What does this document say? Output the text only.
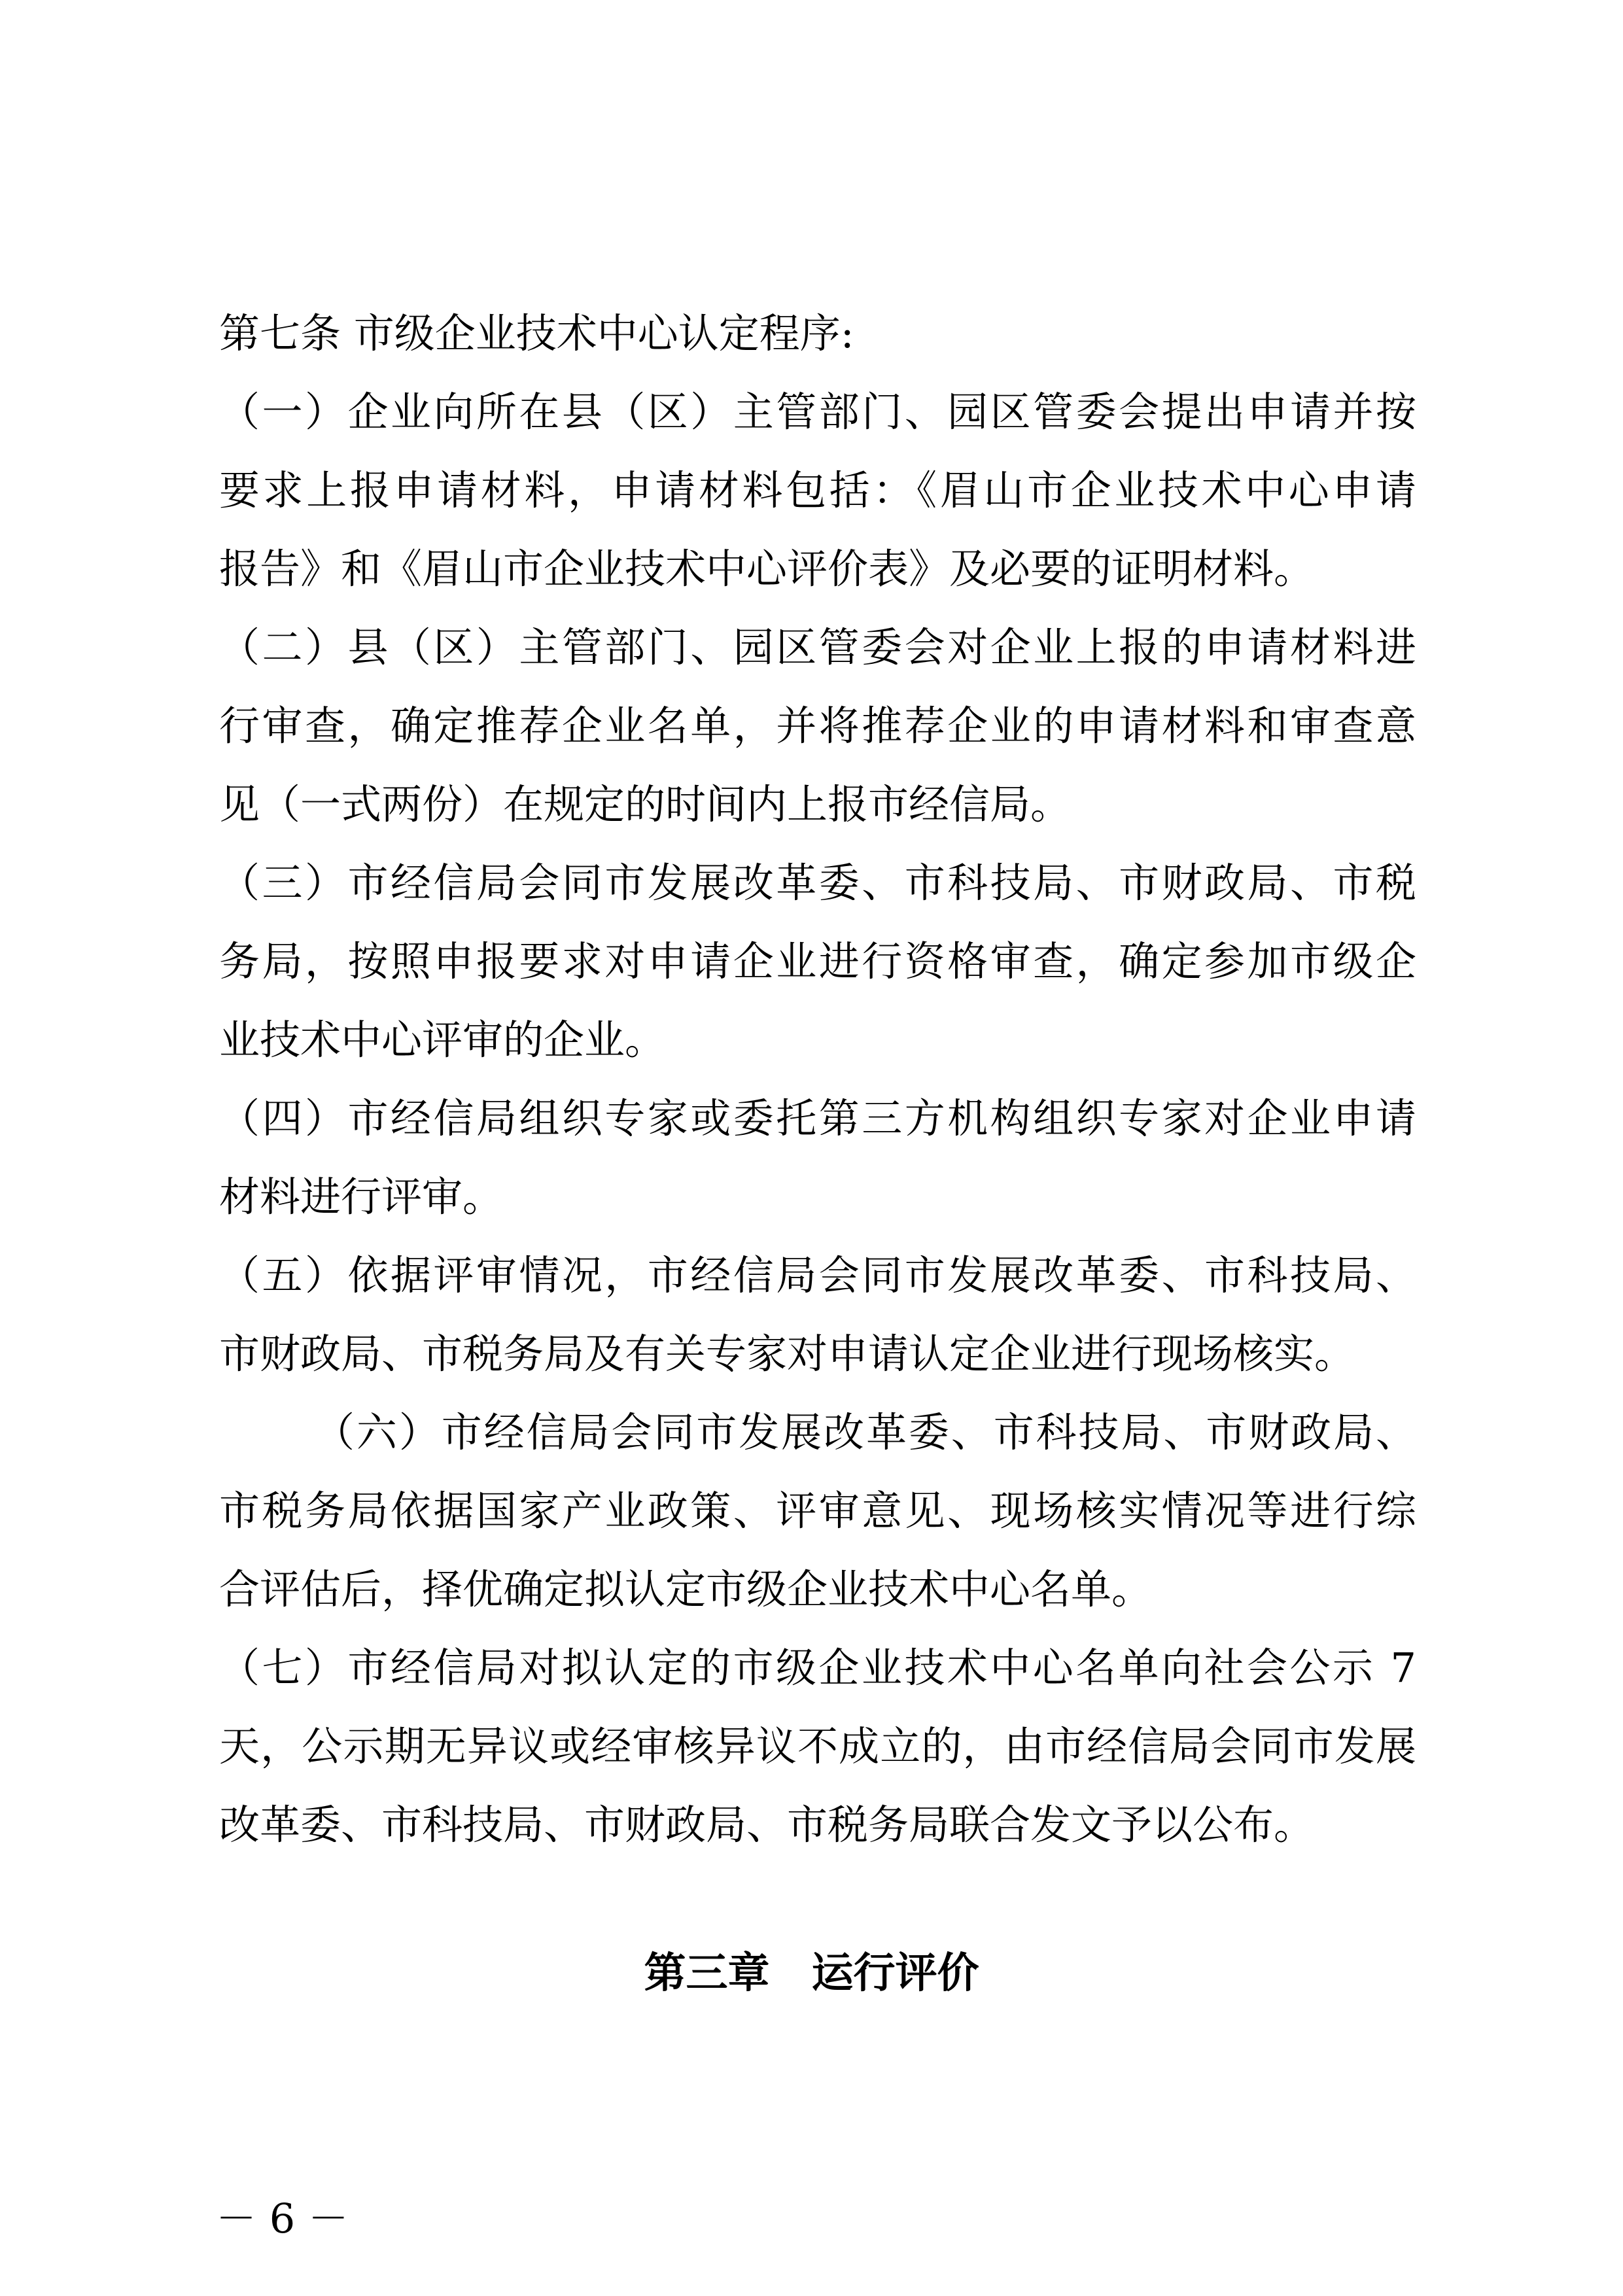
第七条 市级企业技术中心认定程序:
（一）企业向所在县（区）主管部门、园区管委会提出申请并按
要求上报申请材料，申请材料包括：《眉山市企业技术中心申请
报告》和《眉山市企业技术中心评价表》及必要的证明材料。
（二）县（区）主管部门、园区管委会对企业上报的申请材料进
行审查，确定推荐企业名单，并将推荐企业的申请材料和审查意
见（一式两份）在规定的时间内上报市经信局。
（三）市经信局会同市发展改革委、市科技局、市财政局、市税
务局，按照申报要求对申请企业进行资格审查，确定参加市级企
业技术中心评审的企业。
（四）市经信局组织专家或委托第三方机构组织专家对企业申请
材料进行评审。
（五）依据评审情况，市经信局会同市发展改革委、市科技局、
市财政局、市税务局及有关专家对申请认定企业进行现场核实。
（六）市经信局会同市发展改革委、市科技局、市财政局、
市税务局依据国家产业政策、评审意见、现场核实情况等进行综
合评估后，择优确定拟认定市级企业技术中心名单。
（七）市经信局对拟认定的市级企业技术中心名单向社会公示 7
天，公示期无异议或经审核异议不成立的，由市经信局会同市发展
改革委、市科技局、市财政局、市税务局联合发文予以公布。
第三章　运行评价
－ 6 －
